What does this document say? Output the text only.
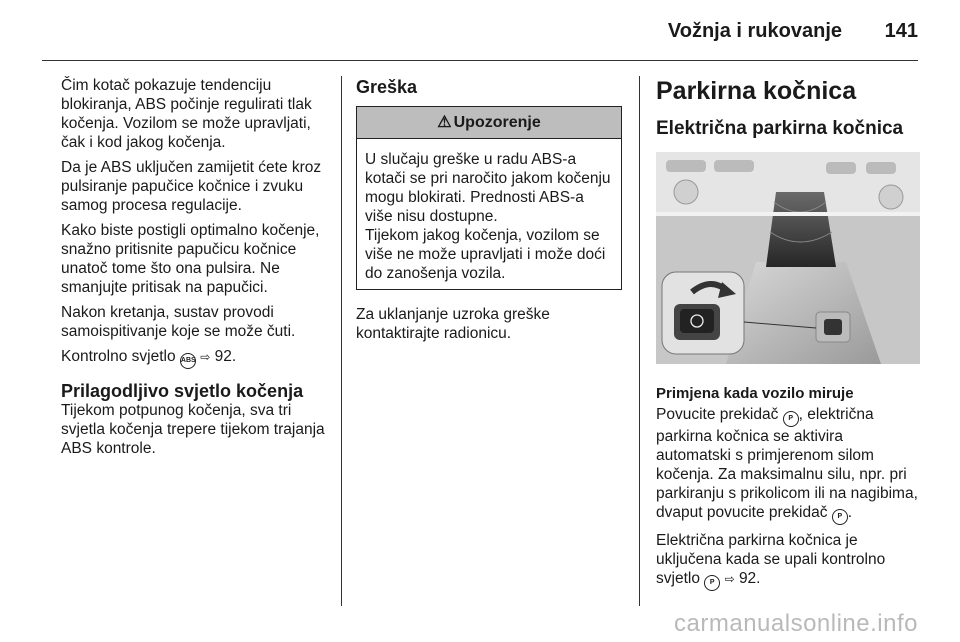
Vožnja i rukovanje 141

Čim kotač pokazuje tendenciju blokiranja, ABS počinje regulirati tlak kočenja. Vozilom se može upravljati, čak i kod jakog kočenja.

Da je ABS uključen zamijetit ćete kroz pulsiranje papučice kočnice i zvuku samog procesa regulacije.

Kako biste postigli optimalno kočenje, snažno pritisnite papučicu kočnice unatoč tome što ona pulsira. Ne smanjujte pritisak na papučici.

Nakon kretanja, sustav provodi samoispitivanje koje se može čuti.

Kontrolno svjetlo ABS ⇨ 92.

Prilagodljivo svjetlo kočenja

Tijekom potpunog kočenja, sva tri svjetla kočenja trepere tijekom trajanja ABS kontrole.

Greška
⚠ Upozorenje
U slučaju greške u radu ABS-a kotači se pri naročito jakom kočenju mogu blokirati. Prednosti ABS-a više nisu dostupne.
Tijekom jakog kočenja, vozilom se više ne može upravljati i može doći do zanošenja vozila.

Za uklanjanje uzroka greške kontaktirajte radionicu.

Parkirna kočnica
Električna parkirna kočnica

Primjena kada vozilo miruje

Povucite prekidač P , električna parkirna kočnica se aktivira automatski s primjerenom silom kočenja. Za maksimalnu silu, npr. pri parkiranju s prikolicom ili na nagibima, dvaput povucite prekidač P .

Električna parkirna kočnica je uključena kada se upali kontrolno svjetlo P ⇨ 92.

carmanualsonline.info
